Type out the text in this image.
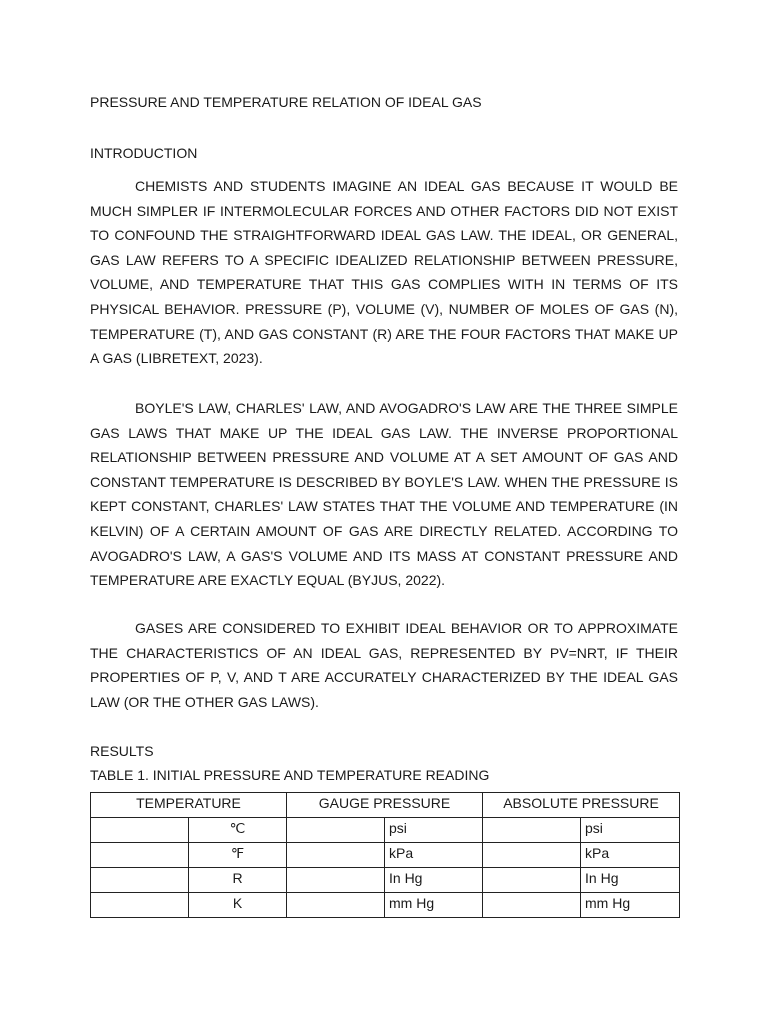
PRESSURE AND TEMPERATURE RELATION OF IDEAL GAS
INTRODUCTION

CHEMISTS AND STUDENTS IMAGINE AN IDEAL GAS BECAUSE IT WOULD BE MUCH SIMPLER IF INTERMOLECULAR FORCES AND OTHER FACTORS DID NOT EXIST TO CONFOUND THE STRAIGHTFORWARD IDEAL GAS LAW. THE IDEAL, OR GENERAL, GAS LAW REFERS TO A SPECIFIC IDEALIZED RELATIONSHIP BETWEEN PRESSURE, VOLUME, AND TEMPERATURE THAT THIS GAS COMPLIES WITH IN TERMS OF ITS PHYSICAL BEHAVIOR. PRESSURE (P), VOLUME (V), NUMBER OF MOLES OF GAS (N), TEMPERATURE (T), AND GAS CONSTANT (R) ARE THE FOUR FACTORS THAT MAKE UP A GAS (LIBRETEXT, 2023).

BOYLE'S LAW, CHARLES' LAW, AND AVOGADRO'S LAW ARE THE THREE SIMPLE GAS LAWS THAT MAKE UP THE IDEAL GAS LAW. THE INVERSE PROPORTIONAL RELATIONSHIP BETWEEN PRESSURE AND VOLUME AT A SET AMOUNT OF GAS AND CONSTANT TEMPERATURE IS DESCRIBED BY BOYLE'S LAW. WHEN THE PRESSURE IS KEPT CONSTANT, CHARLES' LAW STATES THAT THE VOLUME AND TEMPERATURE (IN KELVIN) OF A CERTAIN AMOUNT OF GAS ARE DIRECTLY RELATED. ACCORDING TO AVOGADRO'S LAW, A GAS'S VOLUME AND ITS MASS AT CONSTANT PRESSURE AND TEMPERATURE ARE EXACTLY EQUAL (BYJUS, 2022).

GASES ARE CONSIDERED TO EXHIBIT IDEAL BEHAVIOR OR TO APPROXIMATE THE CHARACTERISTICS OF AN IDEAL GAS, REPRESENTED BY PV=NRT, IF THEIR PROPERTIES OF P, V, AND T ARE ACCURATELY CHARACTERIZED BY THE IDEAL GAS LAW (OR THE OTHER GAS LAWS).

RESULTS
TABLE 1. INITIAL PRESSURE AND TEMPERATURE READING
TEMPERATURE		GAUGE PRESSURE		ABSOLUTE PRESSURE	
	℃		psi		psi
	℉		kPa		kPa
	R		In Hg		In Hg
	K		mm Hg		mm Hg
